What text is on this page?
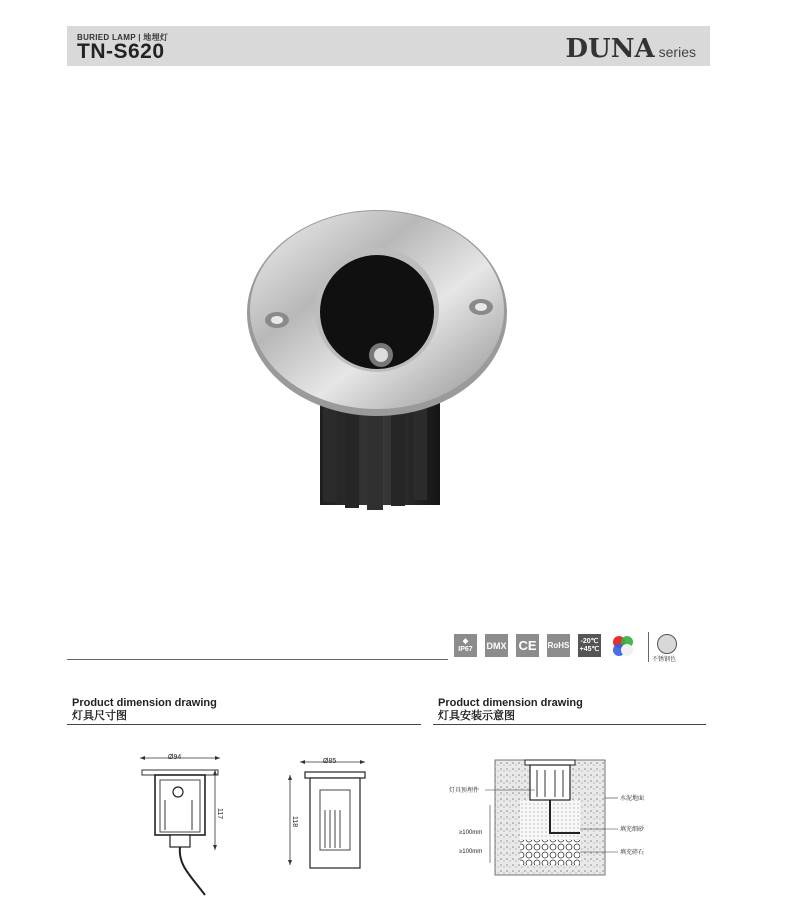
BURIED LAMP | 地埋灯
TN-S620	DUNA series
◆
IP67 DMX CE RoHS -20℃
+45℃
不锈钢色
Product dimension drawing
灯具尺寸图
Product dimension drawing
灯具安装示意图
Ø94
117
Ø85
118
灯具预埋件
水泥地面
填充细砂
填充碎石
≥100mm
≥100mm
